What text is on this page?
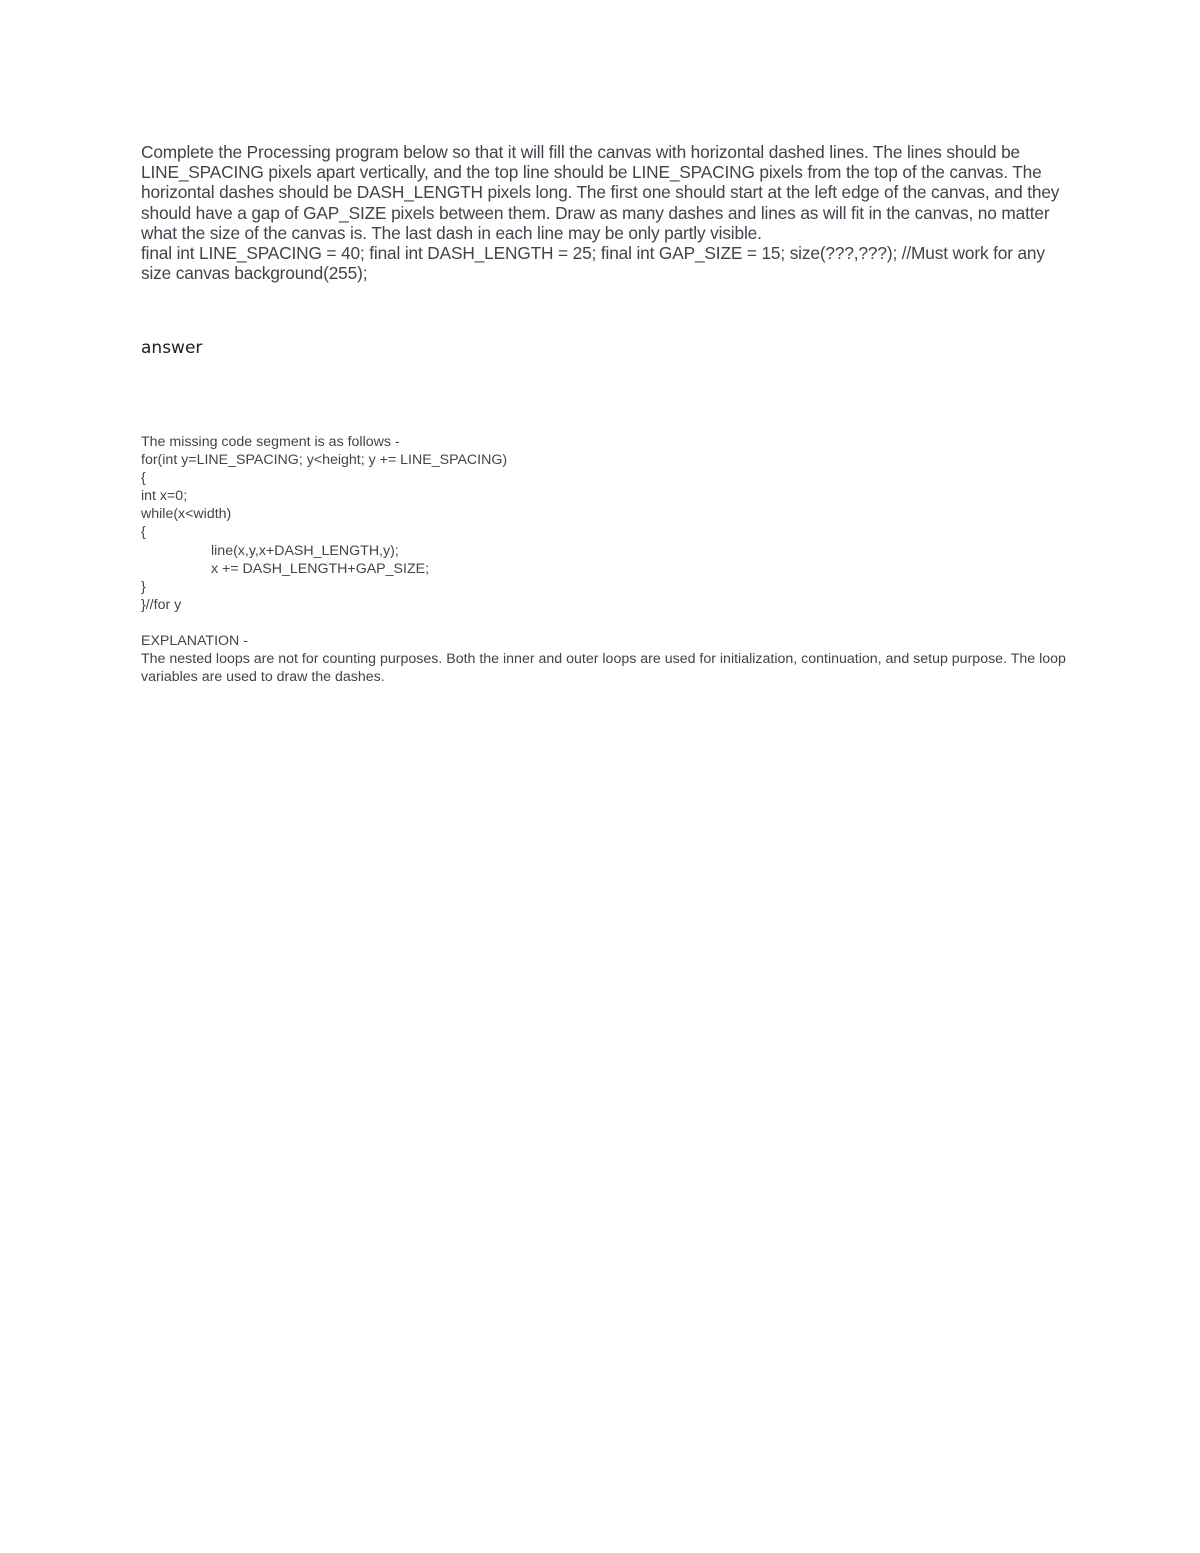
Complete the Processing program below so that it will fill the canvas with horizontal dashed lines. The lines should be LINE_SPACING pixels apart vertically, and the top line should be LINE_SPACING pixels from the top of the canvas. The horizontal dashes should be DASH_LENGTH pixels long. The first one should start at the left edge of the canvas, and they should have a gap of GAP_SIZE pixels between them. Draw as many dashes and lines as will fit in the canvas, no matter what the size of the canvas is. The last dash in each line may be only partly visible.

final int LINE_SPACING = 40; final int DASH_LENGTH = 25; final int GAP_SIZE = 15; size(???,???); //Must work for any size canvas background(255);

answer

The missing code segment is as follows -

for(int y=LINE_SPACING; y<height; y += LINE_SPACING)

{

int x=0;

while(x<width)

{

line(x,y,x+DASH_LENGTH,y);

x += DASH_LENGTH+GAP_SIZE;

}

}//for y

EXPLANATION -

The nested loops are not for counting purposes. Both the inner and outer loops are used for initialization, continuation, and setup purpose. The loop variables are used to draw the dashes.
